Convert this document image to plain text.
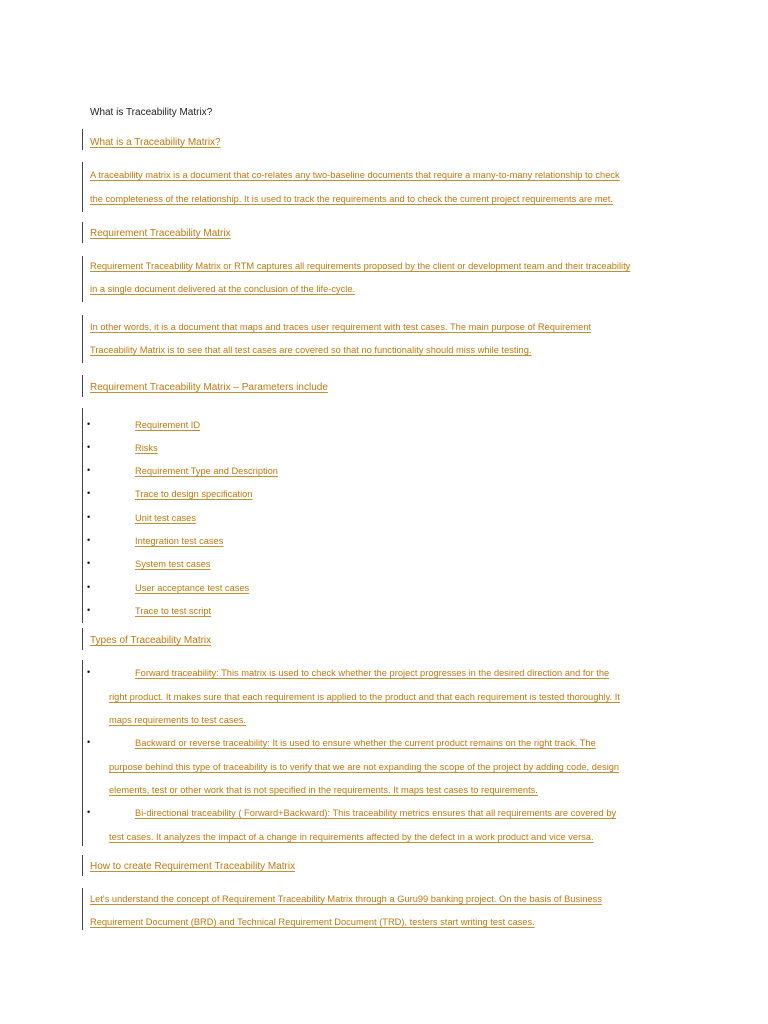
What is Traceability Matrix?
What is a Traceability Matrix?
A traceability matrix is a document that co-relates any two-baseline documents that require a many-to-many relationship to check
the completeness of the relationship. It is used to track the requirements and to check the current project requirements are met.
Requirement Traceability Matrix
Requirement Traceability Matrix or RTM captures all requirements proposed by the client or development team and their traceability
in a single document delivered at the conclusion of the life-cycle.
In other words, it is a document that maps and traces user requirement with test cases. The main purpose of Requirement
Traceability Matrix is to see that all test cases are covered so that no functionality should miss while testing.
Requirement Traceability Matrix – Parameters include
•	Requirement ID
•	Risks
•	Requirement Type and Description
•	Trace to design specification
•	Unit test cases
•	Integration test cases
•	System test cases
•	User acceptance test cases
•	Trace to test script
Types of Traceability Matrix
•	Forward traceability: This matrix is used to check whether the project progresses in the desired direction and for the
right product. It makes sure that each requirement is applied to the product and that each requirement is tested thoroughly. It
maps requirements to test cases.
•	Backward or reverse traceability: It is used to ensure whether the current product remains on the right track. The
purpose behind this type of traceability is to verify that we are not expanding the scope of the project by adding code, design
elements, test or other work that is not specified in the requirements. It maps test cases to requirements.
•	Bi-directional traceability ( Forward+Backward): This traceability metrics ensures that all requirements are covered by
test cases. It analyzes the impact of a change in requirements affected by the defect in a work product and vice versa.
How to create Requirement Traceability Matrix
Let's understand the concept of Requirement Traceability Matrix through a Guru99 banking project. On the basis of Business
Requirement Document (BRD) and Technical Requirement Document (TRD), testers start writing test cases.
